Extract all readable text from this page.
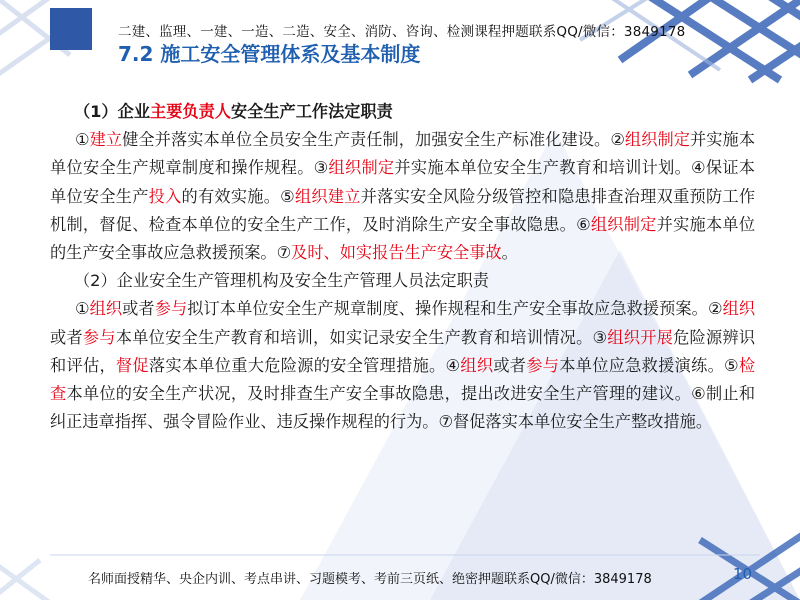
二建、监理、一建、一造、二造、安全、消防、咨询、检测课程押题联系QQ/微信：3849178
7.2 施工安全管理体系及基本制度

（1）企业主要负责人安全生产工作法定职责

①建立健全并落实本单位全员安全生产责任制，加强安全生产标准化建设。②组织制定并实施本单位安全生产规章制度和操作规程。③组织制定并实施本单位安全生产教育和培训计划。④保证本单位安全生产投入的有效实施。⑤组织建立并落实安全风险分级管控和隐患排查治理双重预防工作机制，督促、检查本单位的安全生产工作，及时消除生产安全事故隐患。⑥组织制定并实施本单位的生产安全事故应急救援预案。⑦及时、如实报告生产安全事故。

（2）企业安全生产管理机构及安全生产管理人员法定职责

①组织或者参与拟订本单位安全生产规章制度、操作规程和生产安全事故应急救援预案。②组织或者参与本单位安全生产教育和培训，如实记录安全生产教育和培训情况。③组织开展危险源辨识和评估，督促落实本单位重大危险源的安全管理措施。④组织或者参与本单位应急救援演练。⑤检查本单位的安全生产状况，及时排查生产安全事故隐患，提出改进安全生产管理的建议。⑥制止和纠正违章指挥、强令冒险作业、违反操作规程的行为。⑦督促落实本单位安全生产整改措施。

名师面授精华、央企内训、考点串讲、习题模考、考前三页纸、绝密押题联系QQ/微信：3849178	10
